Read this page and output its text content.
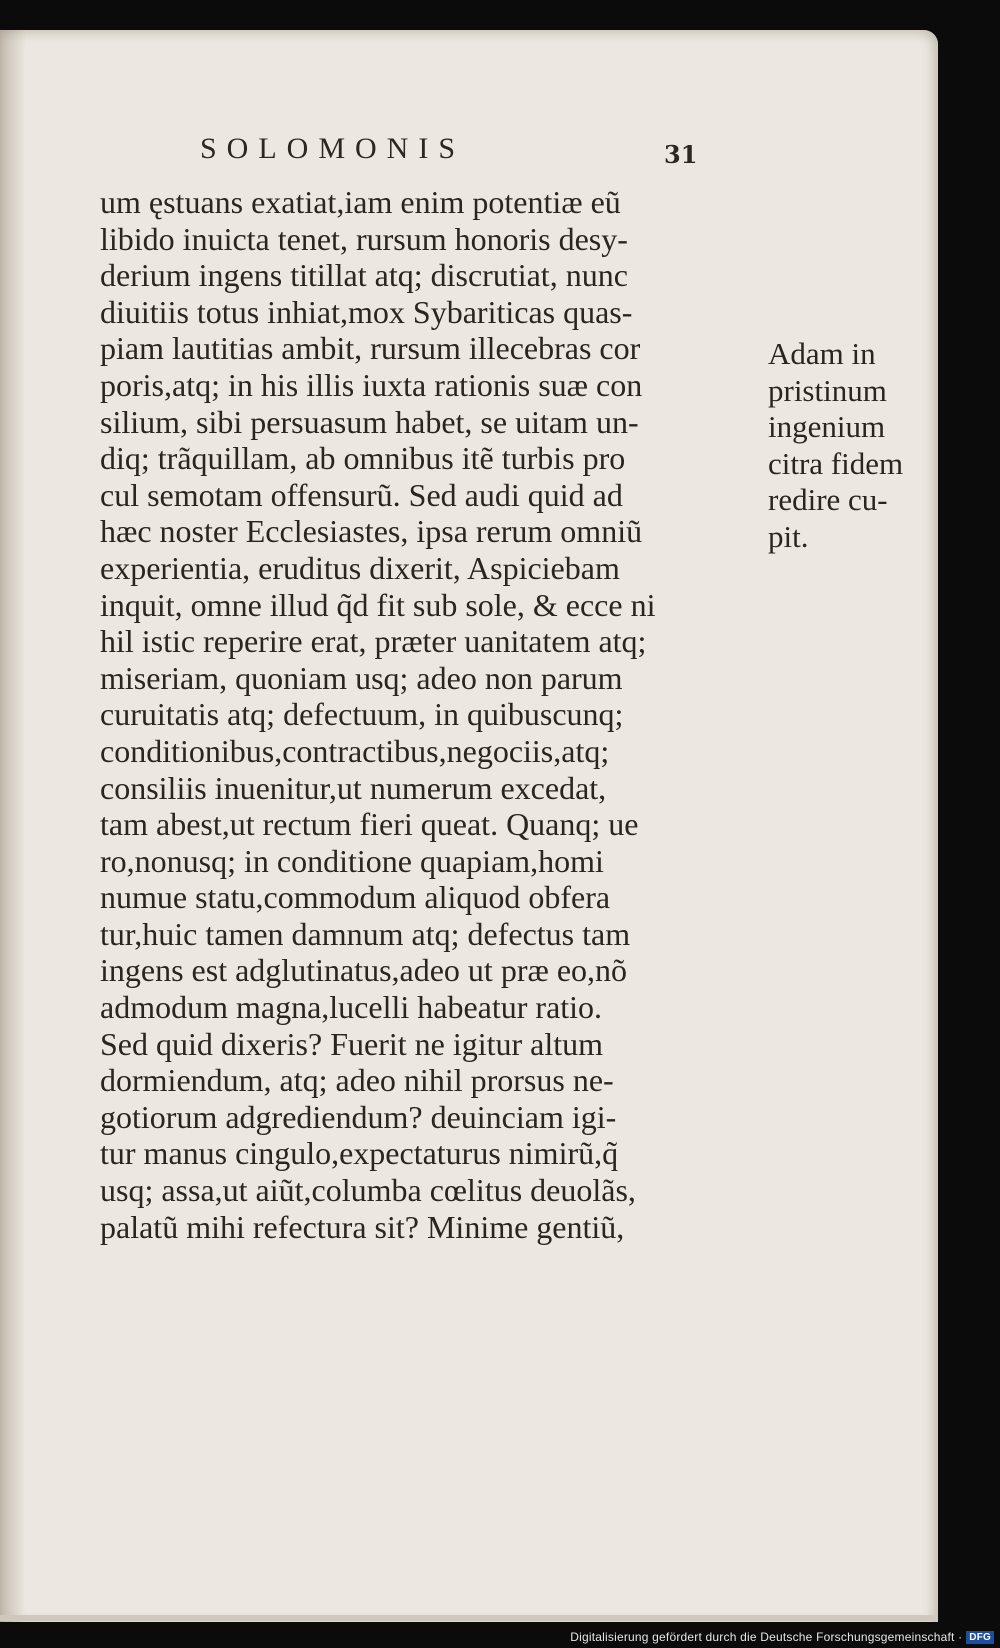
SOLOMONIS	31
um ęstuans exatiat,iam enim potentiæ eũ
libido inuicta tenet, rursum honoris desy-
derium ingens titillat atq; discrutiat, nunc
diuitiis totus inhiat,mox Sybariticas quas-
piam lautitias ambit, rursum illecebras cor
poris,atq; in his illis iuxta rationis suæ con
silium, sibi persuasum habet, se uitam un-
diq; trãquillam, ab omnibus itẽ turbis pro
cul semotam offensurũ. Sed audi quid ad
hæc noster Ecclesiastes, ipsa rerum omniũ
experientia, eruditus dixerit, Aspiciebam
inquit, omne illud q̃d fit sub sole, & ecce ni
hil istic reperire erat, præter uanitatem atq;
miseriam, quoniam usq; adeo non parum
curuitatis atq; defectuum, in quibuscunq;
conditionibus,contractibus,negociis,atq;
consiliis inuenitur,ut numerum excedat,
tam abest,ut rectum fieri queat. Quanq; ue
ro,nonusq; in conditione quapiam,homi
numue statu,commodum aliquod obfera
tur,huic tamen damnum atq; defectus tam
ingens est adglutinatus,adeo ut præ eo,nõ
admodum magna,lucelli habeatur ratio.
Sed quid dixeris? Fuerit ne igitur altum
dormiendum, atq; adeo nihil prorsus ne-
gotiorum adgrediendum? deuinciam igi-
tur manus cingulo,expectaturus nimirũ,q̃
usq; assa,ut aiũt,columba cœlitus deuolãs,
palatũ mihi refectura sit? Minime gentiũ,
Adam in
pristinum
ingenium
citra fidem
redire cu-
pit.
Digitalisierung gefördert durch die Deutsche Forschungsgemeinschaft · DFG
